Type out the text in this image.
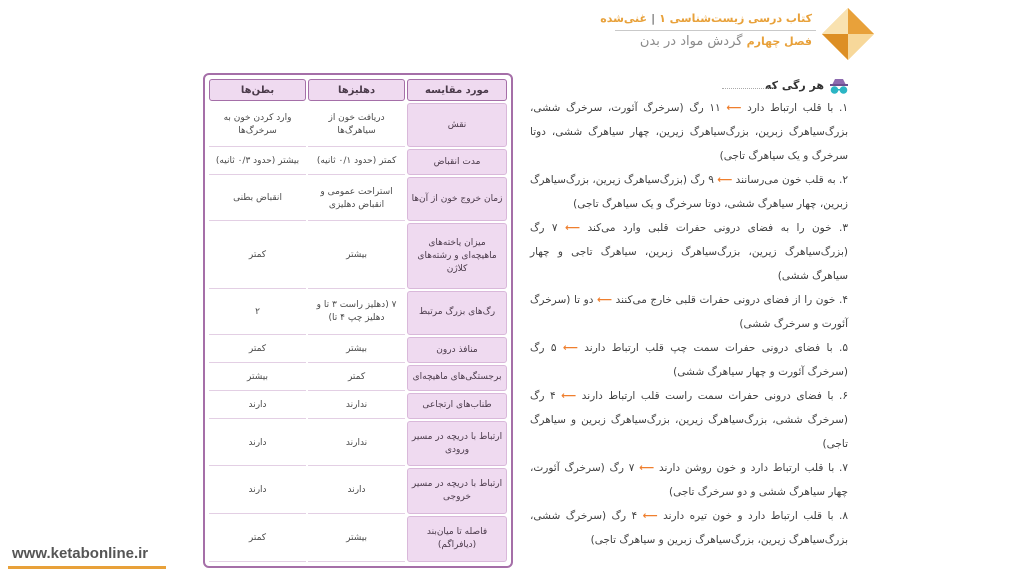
کتاب درسی زیست‌شناسی ۱|غنی‌شده
فصل چهارم گردش مواد در بدن
هر رگی که

۱. با قلب ارتباط دارد ⟵ ۱۱ رگ (سرخرگ آئورت، سرخرگ ششی، بزرگ‌سیاهرگ زبرین، بزرگ‌سیاهرگ زیرین، چهار سیاهرگ ششی، دوتا سرخرگ و یک سیاهرگ تاجی)

۲. به قلب خون می‌رسانند ⟵ ۹ رگ (بزرگ‌سیاهرگ زیرین، بزرگ‌سیاهرگ زبرین، چهار سیاهرگ ششی، دوتا سرخرگ و یک سیاهرگ تاجی)

۳. خون را به فضای درونی حفرات قلبی وارد می‌کند ⟵ ۷ رگ (بزرگ‌سیاهرگ زیرین، بزرگ‌سیاهرگ زبرین، سیاهرگ تاجی و چهار سیاهرگ ششی)

۴. خون را از فضای درونی حفرات قلبی خارج می‌کنند ⟵ دو تا (سرخرگ آئورت و سرخرگ ششی)

۵. با فضای درونی حفرات سمت چپ قلب ارتباط دارند ⟵ ۵ رگ (سرخرگ آئورت و چهار سیاهرگ ششی)

۶. با فضای درونی حفرات سمت راست قلب ارتباط دارند ⟵ ۴ رگ (سرخرگ ششی، بزرگ‌سیاهرگ زیرین، بزرگ‌سیاهرگ زبرین و سیاهرگ تاجی)

۷. با قلب ارتباط دارد و خون روشن دارند ⟵ ۷ رگ (سرخرگ آئورت، چهار سیاهرگ ششی و دو سرخرگ تاجی)

۸. با قلب ارتباط دارد و خون تیره دارند ⟵ ۴ رگ (سرخرگ ششی، بزرگ‌سیاهرگ زیرین، بزرگ‌سیاهرگ زبرین و سیاهرگ تاجی)

مورد مقایسه	دهلیزها	بطن‌ها
نقش	دریافت خون از سیاهرگ‌ها	وارد کردن خون به سرخرگ‌ها
مدت انقباض	کمتر (حدود ۰/۱ ثانیه)	بیشتر (حدود ۰/۳ ثانیه)
زمان خروج خون از آن‌ها	استراحت عمومی و انقباض دهلیزی	انقباض بطنی
میزان یاخته‌های ماهیچه‌ای و رشته‌های کلاژن	بیشتر	کمتر
رگ‌های بزرگ مرتبط	۷ (دهلیز راست ۳ تا و دهلیز چپ ۴ تا)	۲
منافذ درون	بیشتر	کمتر
برجستگی‌های ماهیچه‌ای	کمتر	بیشتر
طناب‌های ارتجاعی	ندارند	دارند
ارتباط با دریچه در مسیر ورودی	ندارند	دارند
ارتباط با دریچه در مسیر خروجی	دارند	دارند
فاصله تا میان‌بند (دیافراگم)	بیشتر	کمتر
www.ketabonline.ir
